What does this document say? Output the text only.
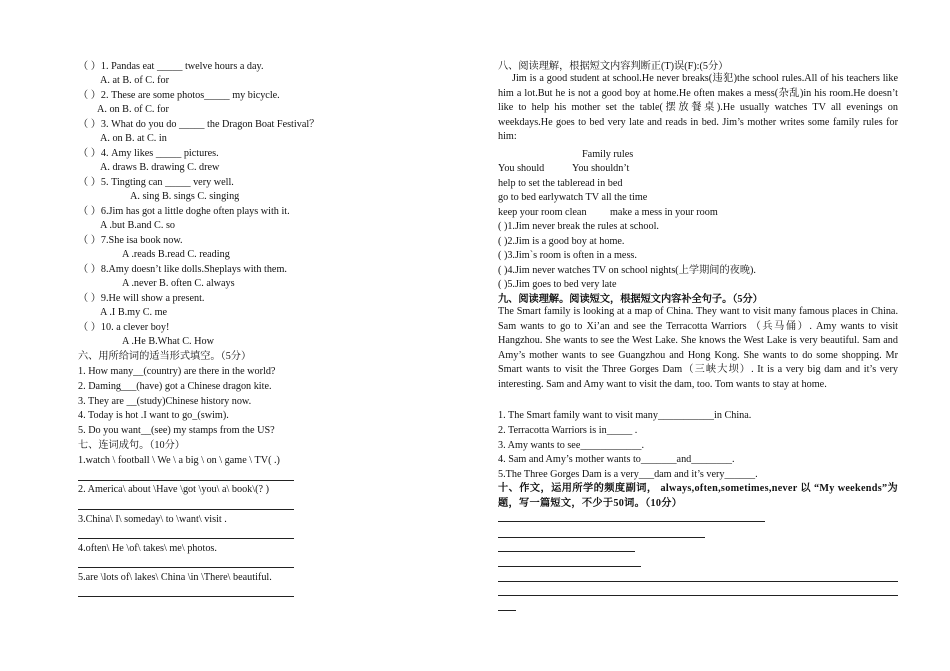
（ ）1. Pandas eat _____ twelve hours a day.
A. at B. of C. for
（ ）2. These are some photos_____ my bicycle.
A. on B. of C. for
（ ）3. What do you do _____ the Dragon Boat Festival？
A. on B. at C. in
（ ）4. Amy likes _____ pictures.
A. draws B. drawing C. drew
（ ）5. Tingting can _____ very well.
A. sing B. sings C. singing
（ ）6.Jim has got a little doghe often plays with it.
A .but B.and C. so
（ ）7.She isa book now.
A .reads B.read C. reading
（ ）8.Amy doesn’t like dolls.Sheplays with them.
A .never B. often C. always
（ ）9.He will show a present.
A .I B.my C. me
（ ）10. a clever boy!
A .He B.What C. How
六、用所给词的适当形式填空。（5分）
1. How many__(country) are there in the world?
2. Daming___(have) got a Chinese dragon kite.
3. They are __(study)Chinese history now.
4. Today is hot .I want to go_(swim).
5. Do you want__(see) my stamps from the US?
七、连词成句。（10分）
1.watch \ football \ We \ a big \ on \ game \ TV( .)
2. America\ about \Have \got \you\ a\ book\(? )
3.China\ I\ someday\ to \want\ visit .
4.often\ He \of\ takes\ me\ photos.
5.are \lots of\ lakes\ China \in \There\ beautiful.
八、阅读理解，根据短文内容判断正(T)误(F):(5分）
Jim is a good student at school.He never breaks(违犯)the school rules.All of his teachers like him a lot.But he is not a good boy at home.He often makes a mess(杂乱)in his room.He doesn’t like to help his mother set the table(摆放餐桌).He usually watches TV all evenings on weekdays.He goes to bed very late and reads in bed. Jim’s mother writes some family rules for him:
Family rules
You should	You shouldn’t
help to set the tableread in bed
go to bed earlywatch TV all the time
keep your room clean make a mess in your room
( )1.Jim never break the rules at school.
( )2.Jim is a good boy at home.
( )3.Jim`s room is often in a mess.
( )4.Jim never watches TV on school nights(上学期间的夜晚).
( )5.Jim goes to bed very late
九、阅读理解。阅读短文，根据短文内容补全句子。（5分）
The Smart family is looking at a map of China. They want to visit many famous places in China. Sam wants to go to Xi’an and see the Terracotta Warriors （兵马俑）. Amy wants to visit Hangzhou. She wants to see the West Lake. She knows the West Lake is very beautiful. Sam and Amy’s mother wants to see Guangzhou and Hong Kong. She wants to do some shopping. Mr Smart wants to visit the Three Gorges Dam（三峡大坝）. It is a very big dam and it’s very interesting. Sam and Amy want to visit the dam, too. Tom wants to stay at home.
1. The Smart family want to visit many___________in China.
2. Terracotta Warriors is in_____ .
3. Amy wants to see____________.
4. Sam and Amy’s mother wants to_______and________.
5.The Three Gorges Dam is a very___dam and it’s very______.
十、作文，运用所学的频度副词， always,often,sometimes,never 以 “My weekends”为题，写一篇短文，不少于50词。（10分）
